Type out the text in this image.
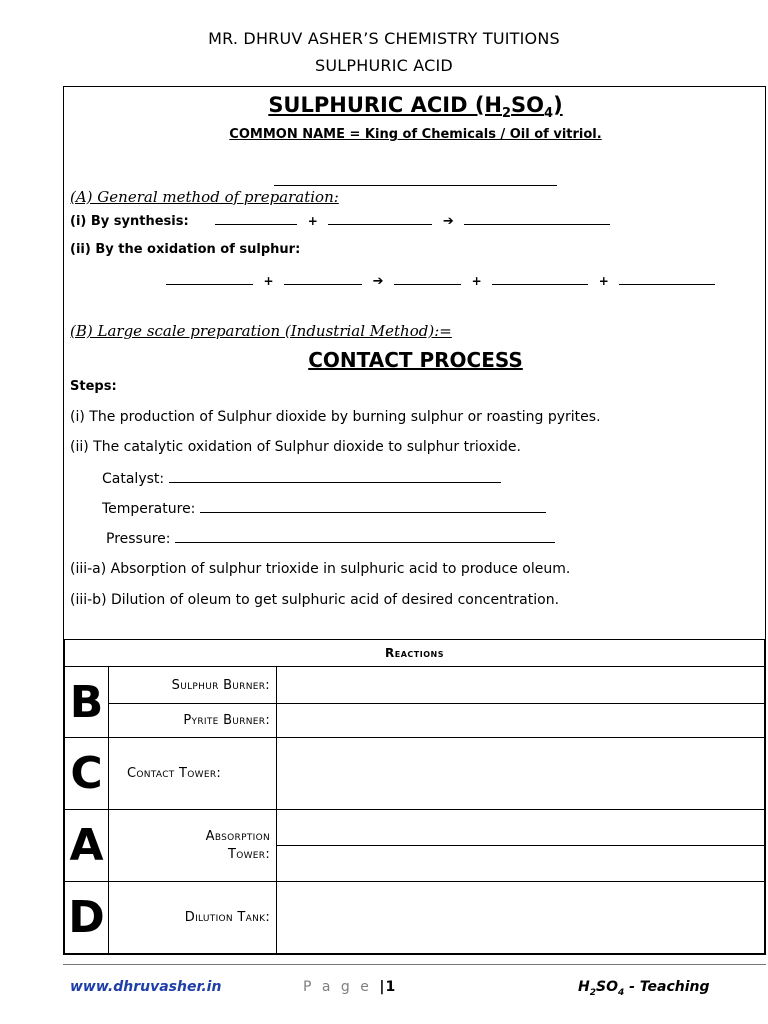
MR. DHRUV ASHER’S CHEMISTRY TUITIONS
SULPHURIC ACID
SULPHURIC ACID $(H_2SO_4)$
COMMON NAME = King of Chemicals / Oil of vitriol.
(A) General method of preparation:
(i) By synthesis:	+	➔
(ii) By the oxidation of sulphur:
+	➔	+	+
(B) Large scale preparation (Industrial Method):=
CONTACT PROCESS
Steps:
(i) The production of Sulphur dioxide by burning sulphur or roasting pyrites.
(ii) The catalytic oxidation of Sulphur dioxide to sulphur trioxide.
Catalyst:
Temperature:
Pressure:
(iii-a) Absorption of sulphur trioxide in sulphuric acid to produce oleum.
(iii-b) Dilution of oleum to get sulphuric acid of desired concentration.
Reactions		
B	Sulphur Burner:	
	Pyrite Burner:	
C	Contact Tower:	
A	Absorption
Tower:	

D	Dilution Tank:	
www.dhruvasher.in	P a g e |1	$H_2SO_4$ - Teaching
